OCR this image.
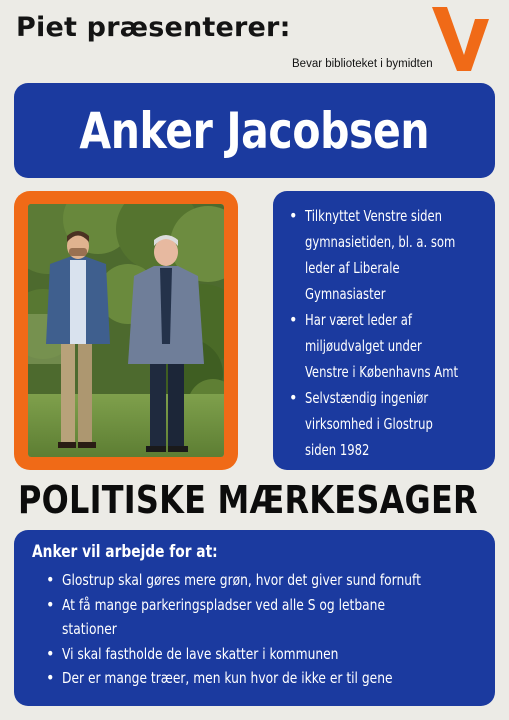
Piet præsenterer:
Bevar biblioteket i bymidten
Anker Jacobsen
• Tilknyttet Venstre siden
gymnasietiden, bl. a. som
leder af Liberale
Gymnasiaster
• Har været leder af
miljøudvalget under
Venstre i Københavns Amt
• Selvstændig ingeniør
virksomhed i Glostrup
siden 1982
POLITISKE MÆRKESAGER
Anker vil arbejde for at:
• Glostrup skal gøres mere grøn, hvor det giver sund fornuft
• At få mange parkeringspladser ved alle S og letbane
stationer
• Vi skal fastholde de lave skatter i kommunen
• Der er mange træer, men kun hvor de ikke er til gene
